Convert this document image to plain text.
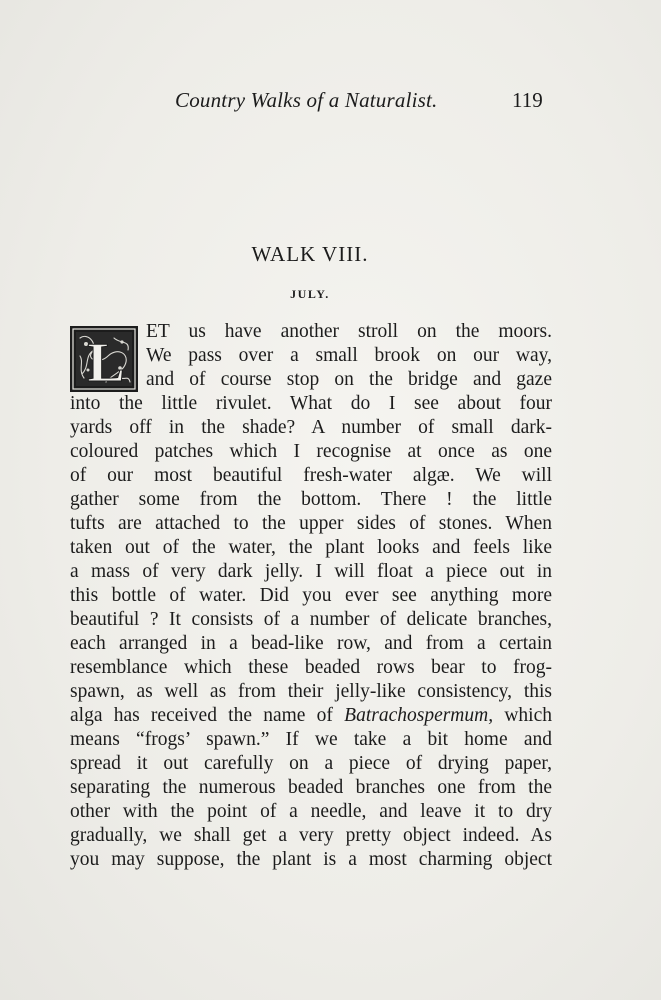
Country Walks of a Naturalist.	119
WALK VIII.
JULY.
L
ET us have another stroll on the moors.
We pass over a small brook on our way,
and of course stop on the bridge and gaze
into the little rivulet. What do I see about four
yards off in the shade? A number of small dark-
coloured patches which I recognise at once as one
of our most beautiful fresh-water algæ. We will
gather some from the bottom. There ! the little
tufts are attached to the upper sides of stones. When
taken out of the water, the plant looks and feels like
a mass of very dark jelly. I will float a piece out in
this bottle of water. Did you ever see anything more
beautiful ? It consists of a number of delicate branches,
each arranged in a bead-like row, and from a certain
resemblance which these beaded rows bear to frog-
spawn, as well as from their jelly-like consistency, this
alga has received the name of Batrachospermum, which
means “frogs’ spawn.” If we take a bit home and
spread it out carefully on a piece of drying paper,
separating the numerous beaded branches one from the
other with the point of a needle, and leave it to dry
gradually, we shall get a very pretty object indeed. As
you may suppose, the plant is a most charming object
